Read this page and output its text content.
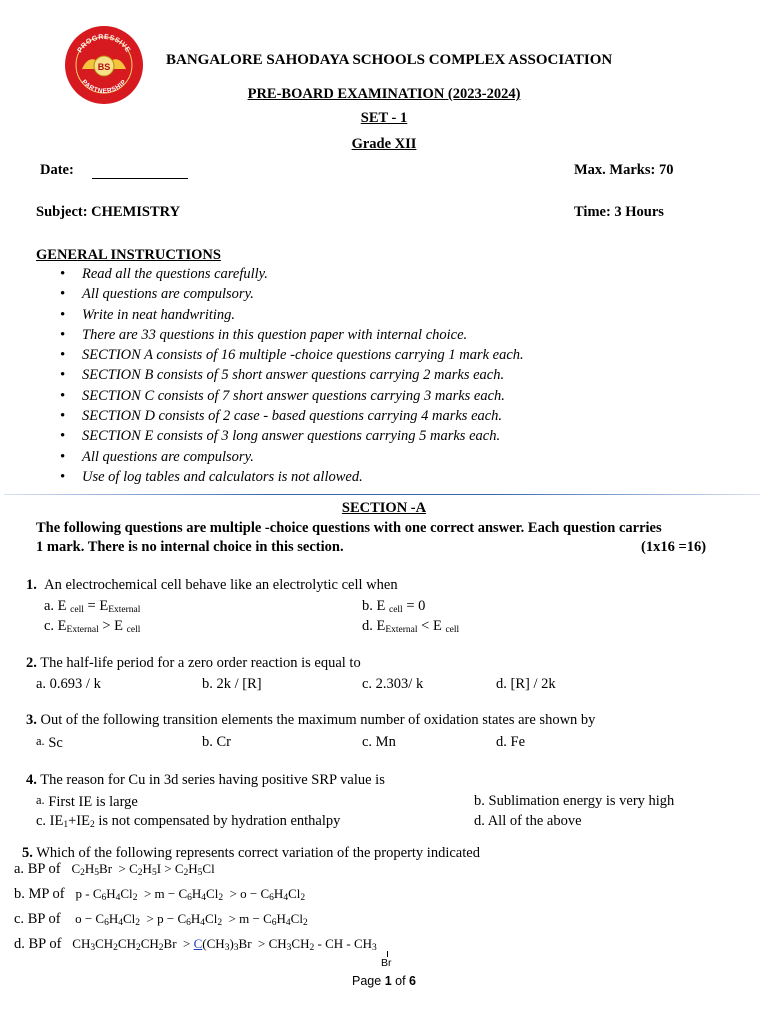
BS
PROGRESSIVE
PARTNERSHIP
BANGALORE SAHODAYA SCHOOLS COMPLEX ASSOCIATION
PRE-BOARD EXAMINATION (2023-2024)
SET - 1
Grade XII
Date:	Max. Marks: 70
Subject: CHEMISTRY	Time: 3 Hours
GENERAL INSTRUCTIONS
• Read all the questions carefully.
• All questions are compulsory.
• Write in neat handwriting.
• There are 33 questions in this question paper with internal choice.
• SECTION A consists of 16 multiple -choice questions carrying 1 mark each.
• SECTION B consists of 5 short answer questions carrying 2 marks each.
• SECTION C consists of 7 short answer questions carrying 3 marks each.
• SECTION D consists of 2 case - based questions carrying 4 marks each.
• SECTION E consists of 3 long answer questions carrying 5 marks each.
• All questions are compulsory.
• Use of log tables and calculators is not allowed.
SECTION -A
The following questions are multiple -choice questions with one correct answer. Each question carries
1 mark. There is no internal choice in this section.	(1x16 =16)
1. An electrochemical cell behave like an electrolytic cell when
a. E $_{cell} = E_{External}$	b. E $_{cell}$ = 0
c. $E_{External} > E$ $_{cell}$	d. $E_{External} < E$ $_{cell}$
2. The half-life period for a zero order reaction is equal to
a. 0.693 / k	b. 2k / [R]	c. 2.303/ k	d. [R] / 2k
3. Out of the following transition elements the maximum number of oxidation states are shown by
a. Sc	b. Cr	c. Mn	d. Fe
4. The reason for Cu in 3d series having positive SRP value is
a. First IE is large	b. Sublimation energy is very high
c. $IE_1+IE_2$ is not compensated by hydration enthalpy	d. All of the above
5. Which of the following represents correct variation of the property indicated
a. BP of $C_2H_5Br > C_2H_5I > C_2H_5Cl$
b. MP of $p - C_6H_4Cl_2 > m - C_6H_4Cl_2 > o - C_6H_4Cl_2$
c. BP of $o - C_6H_4Cl_2 > p - C_6H_4Cl_2 > m - C_6H_4Cl_2$
d. BP of $CH_3CH_2CH_2CH_2Br > C(CH_3)_3Br > CH_3CH_2$ - CH - $CH_3$
Br
Page 1 of 6
